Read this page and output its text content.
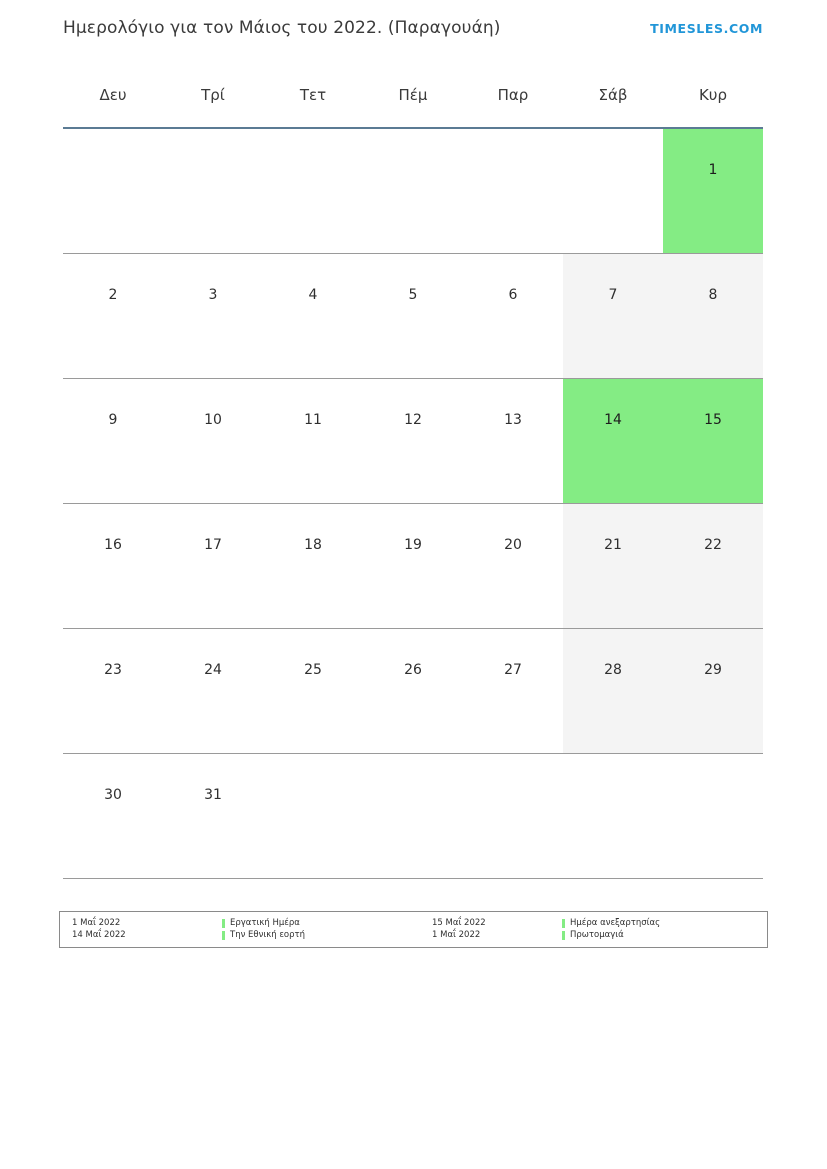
Ημερολόγιο για τον Μάιος του 2022. (Παραγουάη)	TIMESLES.COM
Δευ	Τρί	Τετ	Πέμ	Παρ	Σάβ	Κυρ

						1

2	3	4	5	6	7	8

9	10	11	12	13	14	15

16	17	18	19	20	21	22

23	24	25	26	27	28	29

30	31					

1 Μαΐ 2022	Εργατική Ημέρα	15 Μαΐ 2022	Ημέρα ανεξαρτησίας
14 Μαΐ 2022	Την Εθνική εορτή	1 Μαΐ 2022	Πρωτομαγιά
